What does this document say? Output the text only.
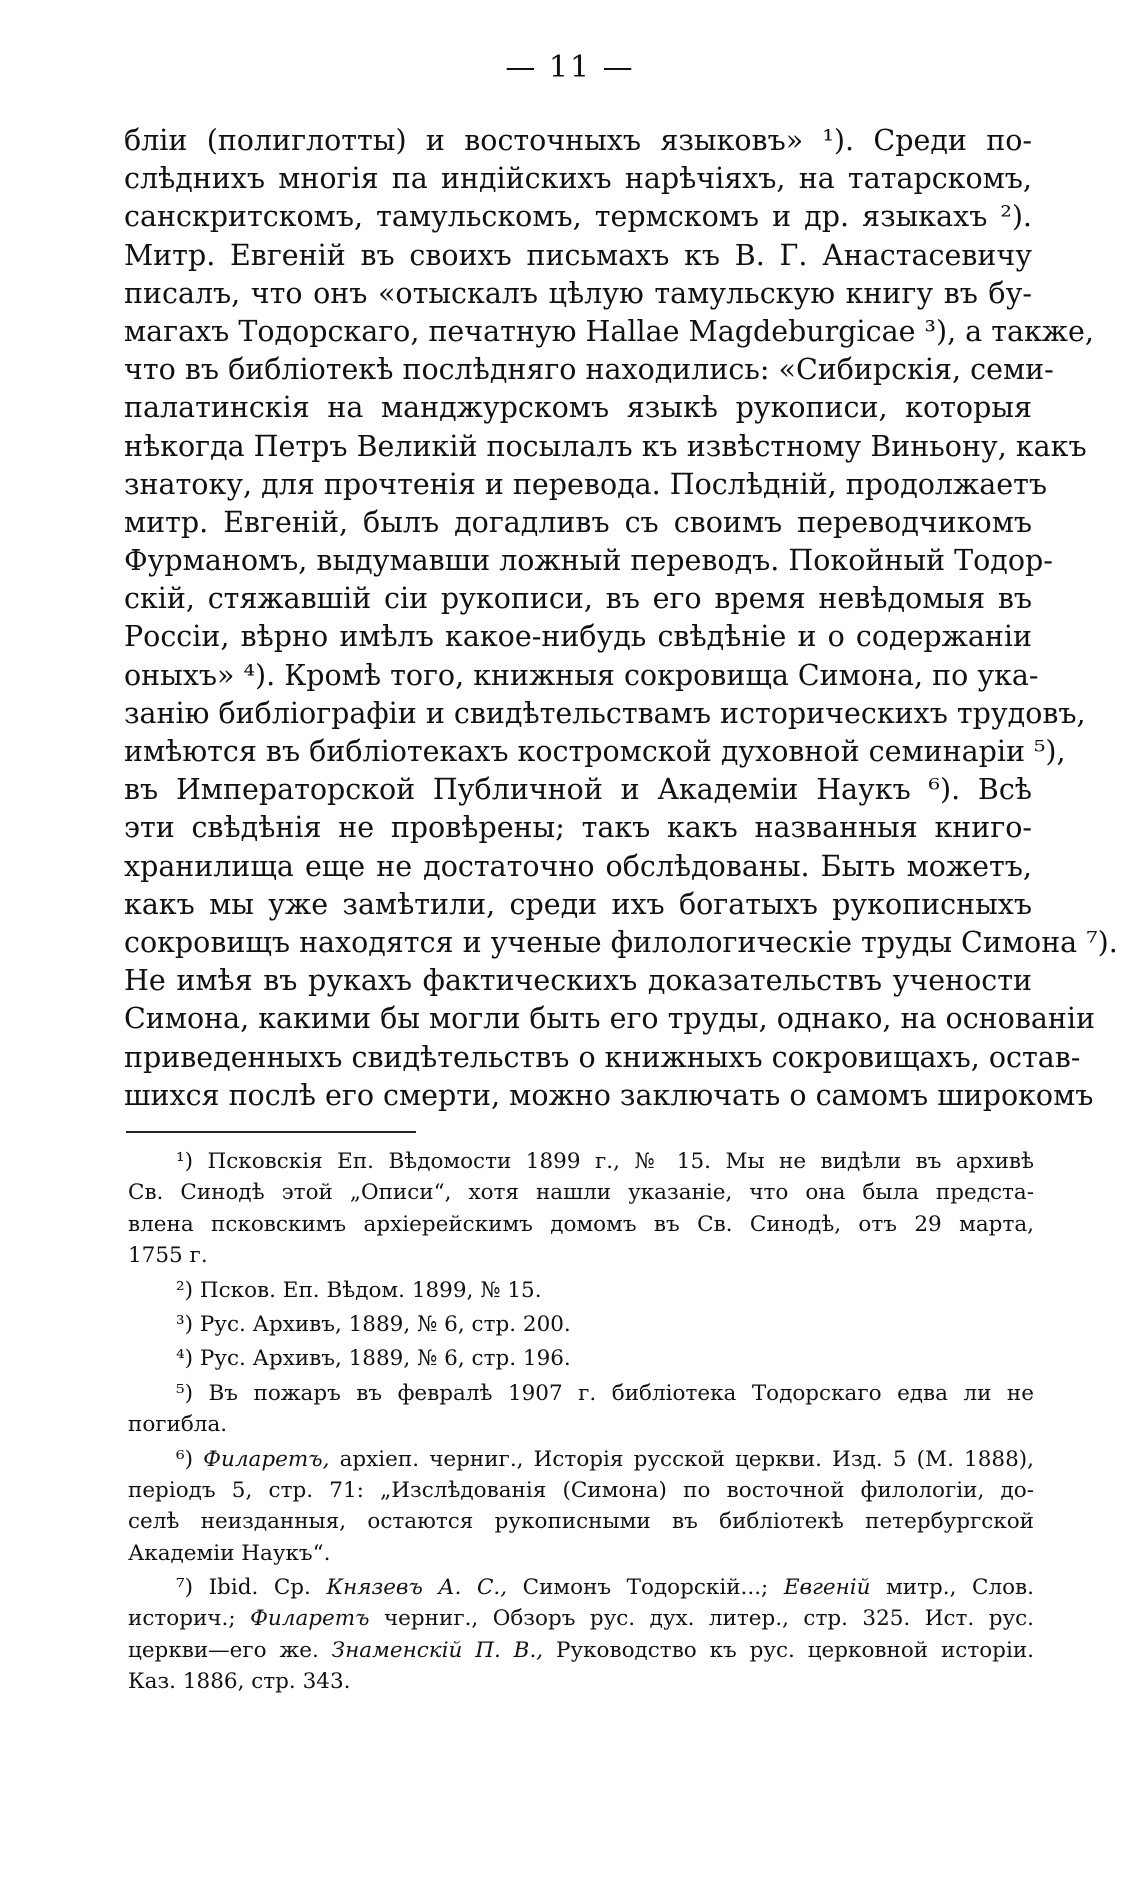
— 11 —
блiи (полиглотты) и восточныхъ языковъ» ¹). Среди по-
слѣднихъ многiя па индiйскихъ нарѣчiяхъ, на татарскомъ,
санскритскомъ, тамульскомъ, термскомъ и др. языкахъ ²).
Митр. Евгенiй въ своихъ письмахъ къ В. Г. Анастасевичу
писалъ, что онъ «отыскалъ цѣлую тамульскую книгу въ бу-
магахъ Тодорскаго, печатную Hallae Magdeburgicae ³), а также,
что въ библiотекѣ послѣдняго находились: «Сибирскiя, семи-
палатинскiя на манджурскомъ языкѣ рукописи, которыя
нѣкогда Петръ Великiй посылалъ къ извѣстному Виньону, какъ
знатоку, для прочтенiя и перевода. Послѣднiй, продолжаетъ
митр. Евгенiй, былъ догадливъ съ своимъ переводчикомъ
Фурманомъ, выдумавши ложный переводъ. Покойный Тодор-
скiй, стяжавшiй сiи рукописи, въ его время невѣдомыя въ
Россiи, вѣрно имѣлъ какое-нибудь свѣдѣнiе и о содержанiи
оныхъ» ⁴). Кромѣ того, книжныя сокровища Симона, по ука-
занiю библiографiи и свидѣтельствамъ историческихъ трудовъ,
имѣются въ библiотекахъ костромской духовной семинарiи ⁵),
въ Императорской Публичной и Академiи Наукъ ⁶). Всѣ
эти свѣдѣнiя не провѣрены; такъ какъ названныя книго-
хранилища еще не достаточно обслѣдованы. Быть можетъ,
какъ мы уже замѣтили, среди ихъ богатыхъ рукописныхъ
сокровищъ находятся и ученые филологическiе труды Симона ⁷).
Не имѣя въ рукахъ фактическихъ доказательствъ учености
Симона, какими бы могли быть его труды, однако, на основанiи
приведенныхъ свидѣтельствъ о книжныхъ сокровищахъ, остав-
шихся послѣ его смерти, можно заключать о самомъ широкомъ
¹) Псковскiя Еп. Вѣдомости 1899 г., № 15. Мы не видѣли въ архивѣ
Св. Синодѣ этой „Описи“, хотя нашли указанiе, что она была предста-
влена псковскимъ архiерейскимъ домомъ въ Св. Синодѣ, отъ 29 марта,
1755 г.
²) Псков. Еп. Вѣдом. 1899, № 15.
³) Рус. Архивъ, 1889, № 6, стр. 200.
⁴) Рус. Архивъ, 1889, № 6, стр. 196.
⁵) Въ пожаръ въ февралѣ 1907 г. библiотека Тодорскаго едва ли не
погибла.
⁶) Филаретъ, архiеп. черниг., Исторiя русской церкви. Изд. 5 (М. 1888),
перiодъ 5, стр. 71: „Изслѣдованiя (Симона) по восточной филологiи, до-
селѣ неизданныя, остаются рукописными въ библiотекѣ петербургской
Академiи Наукъ“.
⁷) Ibid. Ср. Князевъ А. С., Симонъ Тодорскiй...; Евгенiй митр., Слов.
историч.; Филаретъ черниг., Обзоръ рус. дух. литер., стр. 325. Ист. рус.
церкви—его же. Знаменскiй П. В., Руководство къ рус. церковной исторiи.
Каз. 1886, стр. 343.
